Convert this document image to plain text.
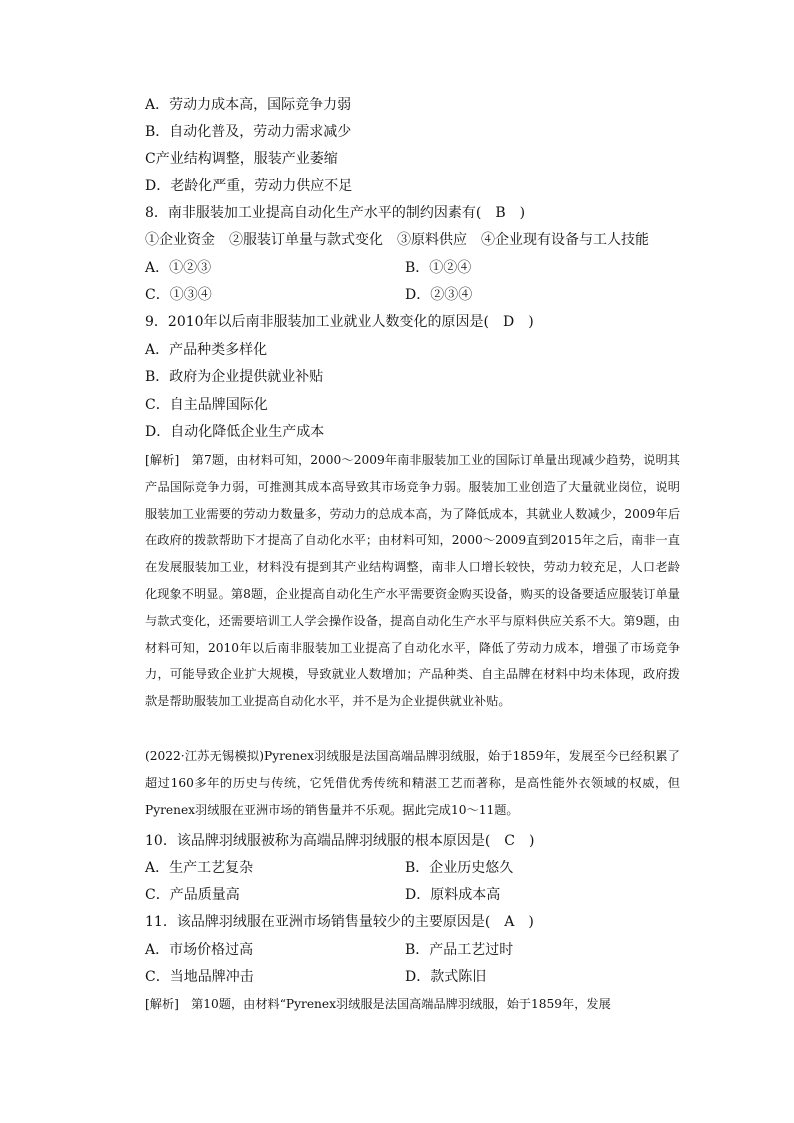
A．劳动力成本高，国际竞争力弱
B．自动化普及，劳动力需求减少
C产业结构调整，服装产业萎缩
D．老龄化严重，劳动力供应不足
8．南非服装加工业提高自动化生产水平的制约因素有(　B　)
①企业资金　②服装订单量与款式变化　③原料供应　④企业现有设备与工人技能
A．①②③	B．①②④
C．①③④	D．②③④
9．2010年以后南非服装加工业就业人数变化的原因是(　D　)
A．产品种类多样化
B．政府为企业提供就业补贴
C．自主品牌国际化
D．自动化降低企业生产成本
[解析]　第7题，由材料可知，2000～2009年南非服装加工业的国际订单量出现减少趋势，说明其产品国际竞争力弱，可推测其成本高导致其市场竞争力弱。服装加工业创造了大量就业岗位，说明服装加工业需要的劳动力数量多，劳动力的总成本高，为了降低成本，其就业人数减少，2009年后在政府的拨款帮助下才提高了自动化水平；由材料可知，2000～2009直到2015年之后，南非一直在发展服装加工业，材料没有提到其产业结构调整，南非人口增长较快，劳动力较充足，人口老龄化现象不明显。第8题，企业提高自动化生产水平需要资金购买设备，购买的设备要适应服装订单量与款式变化，还需要培训工人学会操作设备，提高自动化生产水平与原料供应关系不大。第9题，由材料可知，2010年以后南非服装加工业提高了自动化水平，降低了劳动力成本，增强了市场竞争力，可能导致企业扩大规模，导致就业人数增加；产品种类、自主品牌在材料中均未体现，政府拨款是帮助服装加工业提高自动化水平，并不是为企业提供就业补贴。
(2022·江苏无锡模拟)Pyrenex羽绒服是法国高端品牌羽绒服，始于1859年，发展至今已经积累了超过160多年的历史与传统，它凭借优秀传统和精湛工艺而著称，是高性能外衣领域的权威，但Pyrenex羽绒服在亚洲市场的销售量并不乐观。据此完成10～11题。
10．该品牌羽绒服被称为高端品牌羽绒服的根本原因是(　C　)
A．生产工艺复杂	B．企业历史悠久
C．产品质量高	D．原料成本高
11．该品牌羽绒服在亚洲市场销售量较少的主要原因是(　A　)
A．市场价格过高	B．产品工艺过时
C．当地品牌冲击	D．款式陈旧
[解析]　第10题，由材料“Pyrenex羽绒服是法国高端品牌羽绒服，始于1859年，发展
